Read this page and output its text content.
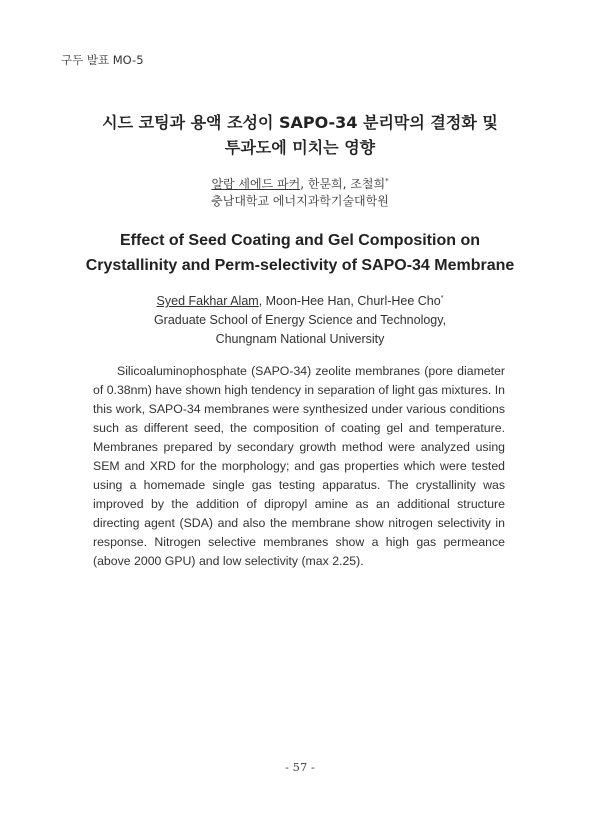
구두 발표 MO-5
시드 코팅과 용액 조성이 SAPO-34 분리막의 결정화 및
투과도에 미치는 영향
알람 세에드 파커, 한문희, 조철희*
충남대학교 에너지과학기술대학원
Effect of Seed Coating and Gel Composition on
Crystallinity and Perm-selectivity of SAPO-34 Membrane
Syed Fakhar Alam, Moon-Hee Han, Churl-Hee Cho*
Graduate School of Energy Science and Technology,
Chungnam National University

Silicoaluminophosphate (SAPO-34) zeolite membranes (pore diameter of 0.38nm) have shown high tendency in separation of light gas mixtures. In this work, SAPO-34 membranes were synthesized under various conditions such as different seed, the composition of coating gel and temperature. Membranes prepared by secondary growth method were analyzed using SEM and XRD for the morphology; and gas properties which were tested using a homemade single gas testing apparatus. The crystallinity was improved by the addition of dipropyl amine as an additional structure directing agent (SDA) and also the membrane show nitrogen selectivity in response. Nitrogen selective membranes show a high gas permeance (above 2000 GPU) and low selectivity (max 2.25).

- 57 -
